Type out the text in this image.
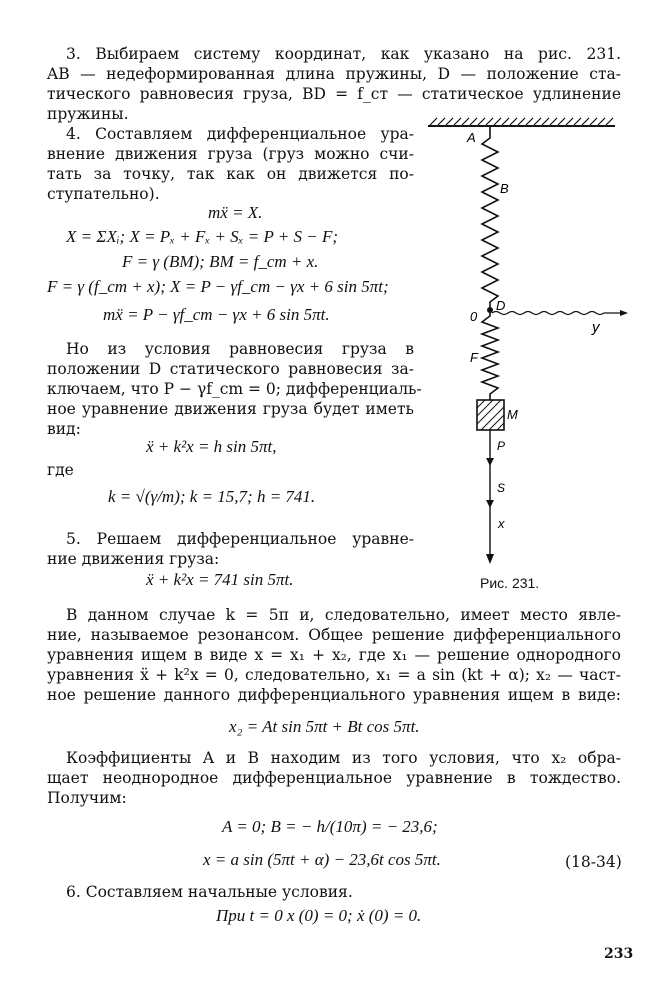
3. Выбираем систему координат, как указано на рис. 231.
AB — недеформированная длина пружины, D — положение ста-
тического равновесия груза, BD = f_ст — статическое удлинение
пружины.
4. Составляем дифференциальное ура-
внение движения груза (груз можно счи-
тать за точку, так как он движется по-
ступательно).
mẍ = X.
X = ΣXᵢ; X = Pₓ + Fₓ + Sₓ = P + S − F;
F = γ (BM); BM = f_cm + x.
F = γ (f_cm + x); X = P − γf_cm − γx + 6 sin 5πt;
mẍ = P − γf_cm − γx + 6 sin 5πt.
Но из условия равновесия груза в
положении D статического равновесия за-
ключаем, что P − γf_cm = 0; дифференциаль-
ное уравнение движения груза будет иметь
вид:
ẍ + k²x = h sin 5πt,
где
k = √(γ/m); k = 15,7; h = 741.
5. Решаем дифференциальное уравне-
ние движения груза:
ẍ + k²x = 741 sin 5πt.
A
B
0
D
y
F
M
P
S
x
Рис. 231.
В данном случае k = 5π и, следовательно, имеет место явле-
ние, называемое резонансом. Общее решение дифференциального
уравнения ищем в виде x = x₁ + x₂, где x₁ — решение однородного
уравнения ẍ + k²x = 0, следовательно, x₁ = a sin (kt + α); x₂ — част-
ное решение данного дифференциального уравнения ищем в виде:
x₂ = At sin 5πt + Bt cos 5πt.
Коэффициенты A и B находим из того условия, что x₂ обра-
щает неоднородное дифференциальное уравнение в тождество.
Получим:
A = 0; B = − h/(10π) = − 23,6;
x = a sin (5πt + α) − 23,6t cos 5πt.	(18-34)
6. Составляем начальные условия.
При t = 0 x (0) = 0; ẋ (0) = 0.
233
